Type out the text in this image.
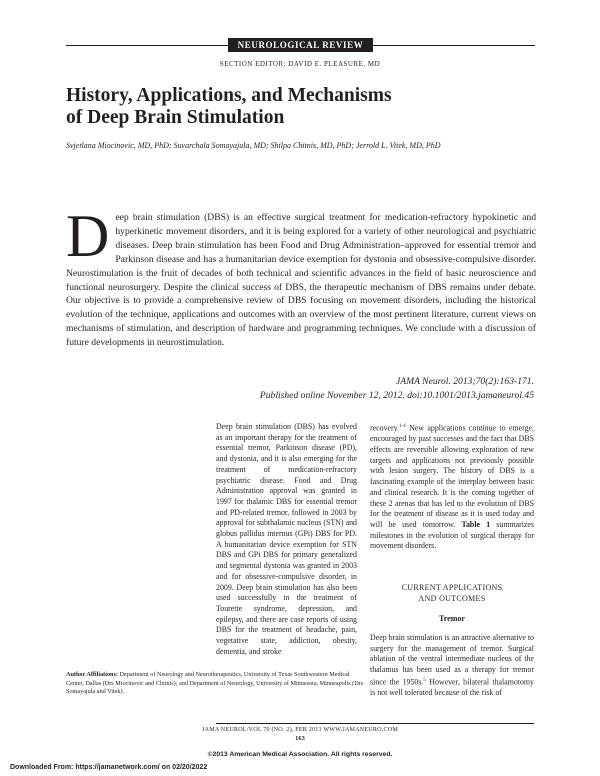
NEUROLOGICAL REVIEW
SECTION EDITOR: DAVID E. PLEASURE, MD
History, Applications, and Mechanisms
of Deep Brain Stimulation
Svjetlana Miocinovic, MD, PhD; Suvarchala Somayajula, MD; Shilpa Chitnis, MD, PhD; Jerrold L. Vitek, MD, PhD
D eep brain stimulation (DBS) is an effective surgical treatment for medication-refractory hypokinetic and hyperkinetic movement disorders, and it is being explored for a variety of other neurological and psychiatric diseases. Deep brain stimulation has been Food and Drug Administration–approved for essential tremor and Parkinson disease and has a humanitarian device exemption for dystonia and obsessive-compulsive disorder. Neurostimulation is the fruit of decades of both technical and scientific advances in the field of basic neuroscience and functional neurosurgery. Despite the clinical success of DBS, the therapeutic mechanism of DBS remains under debate. Our objective is to provide a comprehensive review of DBS focusing on movement disorders, including the historical evolution of the technique, applications and outcomes with an overview of the most pertinent literature, current views on mechanisms of stimulation, and description of hardware and programming techniques. We conclude with a discussion of future developments in neurostimulation.
JAMA Neurol. 2013;70(2):163-171.
Published online November 12, 2012. doi:10.1001/2013.jamaneurol.45
Deep brain stimulation (DBS) has evolved as an important therapy for the treatment of essential tremor, Parkinson disease (PD), and dystonia, and it is also emerging for the treatment of medication-refractory psychiatric disease. Food and Drug Administration approval was granted in 1997 for thalamic DBS for essential tremor and PD-related tremor, followed in 2003 by approval for subthalamic nucleus (STN) and globus pallidus internus (GPi) DBS for PD. A humanitarian device exemption for STN DBS and GPi DBS for primary generalized and segmental dystonia was granted in 2003 and for obsessive-compulsive disorder, in 2009. Deep brain stimulation has also been used successfully in the treatment of Tourette syndrome, depression, and epilepsy, and there are case reports of using DBS for the treatment of headache, pain, vegetative state, addiction, obesity, dementia, and stroke
recovery.$^{1-4}$ New applications continue to emerge, encouraged by past successes and the fact that DBS effects are reversible allowing exploration of new targets and applications not previously possible with lesion surgery. The history of DBS is a fascinating example of the interplay between basic and clinical research. It is the coming together of these 2 arenas that has led to the evolution of DBS for the treatment of disease as it is used today and will be used tomorrow. Table 1 summarizes milestones in the evolution of surgical therapy for movement disorders.
CURRENT APPLICATIONS
AND OUTCOMES
Tremor
Deep brain stimulation is an attractive alternative to surgery for the management of tremor. Surgical ablation of the ventral intermediate nucleus of the thalamus has been used as a therapy for tremor since the 1950s.$^5$ However, bilateral thalamotomy is not well tolerated because of the risk of
Author Affiliations: Department of Neurology and Neurotherapeutics, University of Texas Southwestern Medical Center, Dallas (Drs Miocinovic and Chitnis); and Department of Neurology, University of Minnesota, Minneapolis (Drs Somayajula and Vitek).
JAMA NEUROL/VOL 70 (NO. 2), FEB 2013 WWW.JAMANEURO.COM
163
©2013 American Medical Association. All rights reserved.
Downloaded From: https://jamanetwork.com/ on 02/20/2022
